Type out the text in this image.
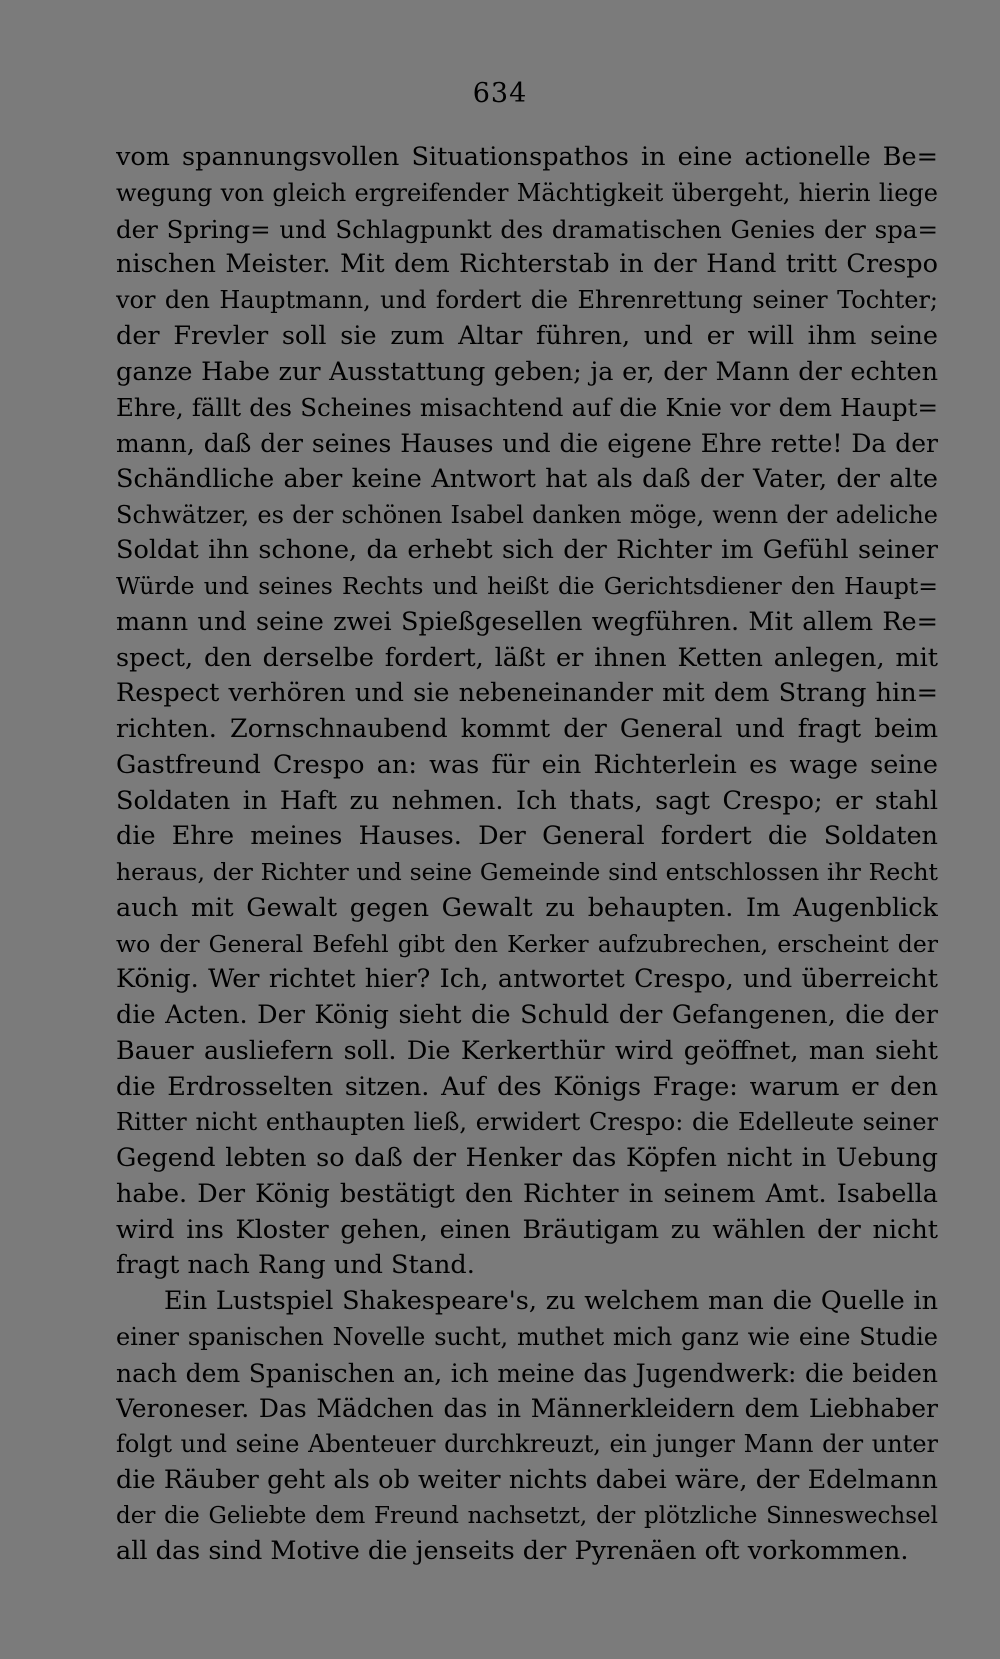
634
vom spannungsvollen Situationspathos in eine actionelle Be=
wegung von gleich ergreifender Mächtigkeit übergeht, hierin liege
der Spring= und Schlagpunkt des dramatischen Genies der spa=
nischen Meister. Mit dem Richterstab in der Hand tritt Crespo
vor den Hauptmann, und fordert die Ehrenrettung seiner Tochter;
der Frevler soll sie zum Altar führen, und er will ihm seine
ganze Habe zur Ausstattung geben; ja er, der Mann der echten
Ehre, fällt des Scheines misachtend auf die Knie vor dem Haupt=
mann, daß der seines Hauses und die eigene Ehre rette! Da der
Schändliche aber keine Antwort hat als daß der Vater, der alte
Schwätzer, es der schönen Isabel danken möge, wenn der adeliche
Soldat ihn schone, da erhebt sich der Richter im Gefühl seiner
Würde und seines Rechts und heißt die Gerichtsdiener den Haupt=
mann und seine zwei Spießgesellen wegführen. Mit allem Re=
spect, den derselbe fordert, läßt er ihnen Ketten anlegen, mit
Respect verhören und sie nebeneinander mit dem Strang hin=
richten. Zornschnaubend kommt der General und fragt beim
Gastfreund Crespo an: was für ein Richterlein es wage seine
Soldaten in Haft zu nehmen. Ich thats, sagt Crespo; er stahl
die Ehre meines Hauses. Der General fordert die Soldaten
heraus, der Richter und seine Gemeinde sind entschlossen ihr Recht
auch mit Gewalt gegen Gewalt zu behaupten. Im Augenblick
wo der General Befehl gibt den Kerker aufzubrechen, erscheint der
König. Wer richtet hier? Ich, antwortet Crespo, und überreicht
die Acten. Der König sieht die Schuld der Gefangenen, die der
Bauer ausliefern soll. Die Kerkerthür wird geöffnet, man sieht
die Erdrosselten sitzen. Auf des Königs Frage: warum er den
Ritter nicht enthaupten ließ, erwidert Crespo: die Edelleute seiner
Gegend lebten so daß der Henker das Köpfen nicht in Uebung
habe. Der König bestätigt den Richter in seinem Amt. Isabella
wird ins Kloster gehen, einen Bräutigam zu wählen der nicht
fragt nach Rang und Stand.
Ein Lustspiel Shakespeare's, zu welchem man die Quelle in
einer spanischen Novelle sucht, muthet mich ganz wie eine Studie
nach dem Spanischen an, ich meine das Jugendwerk: die beiden
Veroneser. Das Mädchen das in Männerkleidern dem Liebhaber
folgt und seine Abenteuer durchkreuzt, ein junger Mann der unter
die Räuber geht als ob weiter nichts dabei wäre, der Edelmann
der die Geliebte dem Freund nachsetzt, der plötzliche Sinneswechsel
all das sind Motive die jenseits der Pyrenäen oft vorkommen.
